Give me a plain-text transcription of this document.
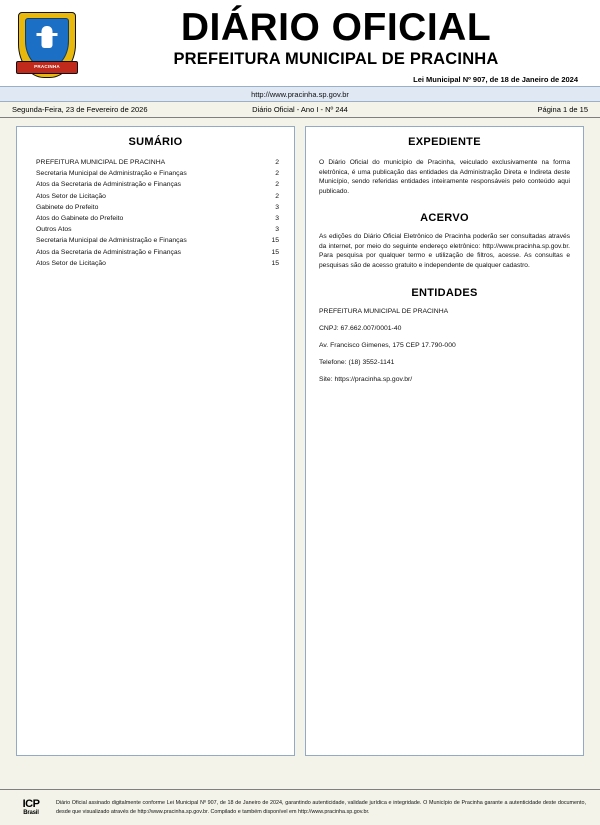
PRACINHA
DIÁRIO OFICIAL
PREFEITURA MUNICIPAL DE PRACINHA
Lei Municipal Nº 907, de 18 de Janeiro de 2024
http://www.pracinha.sp.gov.br
Segunda-Feira, 23 de Fevereiro de 2026	Diário Oficial - Ano I - Nº 244	Página 1 de 15
SUMÁRIO
PREFEITURA MUNICIPAL DE PRACINHA	2
Secretaria Municipal de Administração e Finanças	2
Atos da Secretaria de Administração e Finanças	2
Atos Setor de Licitação	2
Gabinete do Prefeito	3
Atos do Gabinete do Prefeito	3
Outros Atos	3
Secretaria Municipal de Administração e Finanças	15
Atos da Secretaria de Administração e Finanças	15
Atos Setor de Licitação	15
EXPEDIENTE
O Diário Oficial do município de Pracinha, veiculado exclusivamente na forma eletrônica, é uma publicação das entidades da Administração Direta e Indireta deste Município, sendo referidas entidades inteiramente responsáveis pelo conteúdo aqui publicado.
ACERVO
As edições do Diário Oficial Eletrônico de Pracinha poderão ser consultadas através da internet, por meio do seguinte endereço eletrônico: http://www.pracinha.sp.gov.br. Para pesquisa por qualquer termo e utilização de filtros, acesse. As consultas e pesquisas são de acesso gratuito e independente de qualquer cadastro.
ENTIDADES
PREFEITURA MUNICIPAL DE PRACINHA
CNPJ: 67.662.007/0001-40
Av. Francisco Gimenes, 175 CEP 17.790-000
Telefone: (18) 3552-1141
Site: https://pracinha.sp.gov.br/
ICP
Brasil
Diário Oficial assinado digitalmente conforme Lei Municipal Nº 907, de 18 de Janeiro de 2024, garantindo autenticidade, validade jurídica e integridade. O Município de Pracinha garante a autenticidade deste documento, desde que visualizado através de http://www.pracinha.sp.gov.br. Compilado e também disponível em http://www.pracinha.sp.gov.br.
